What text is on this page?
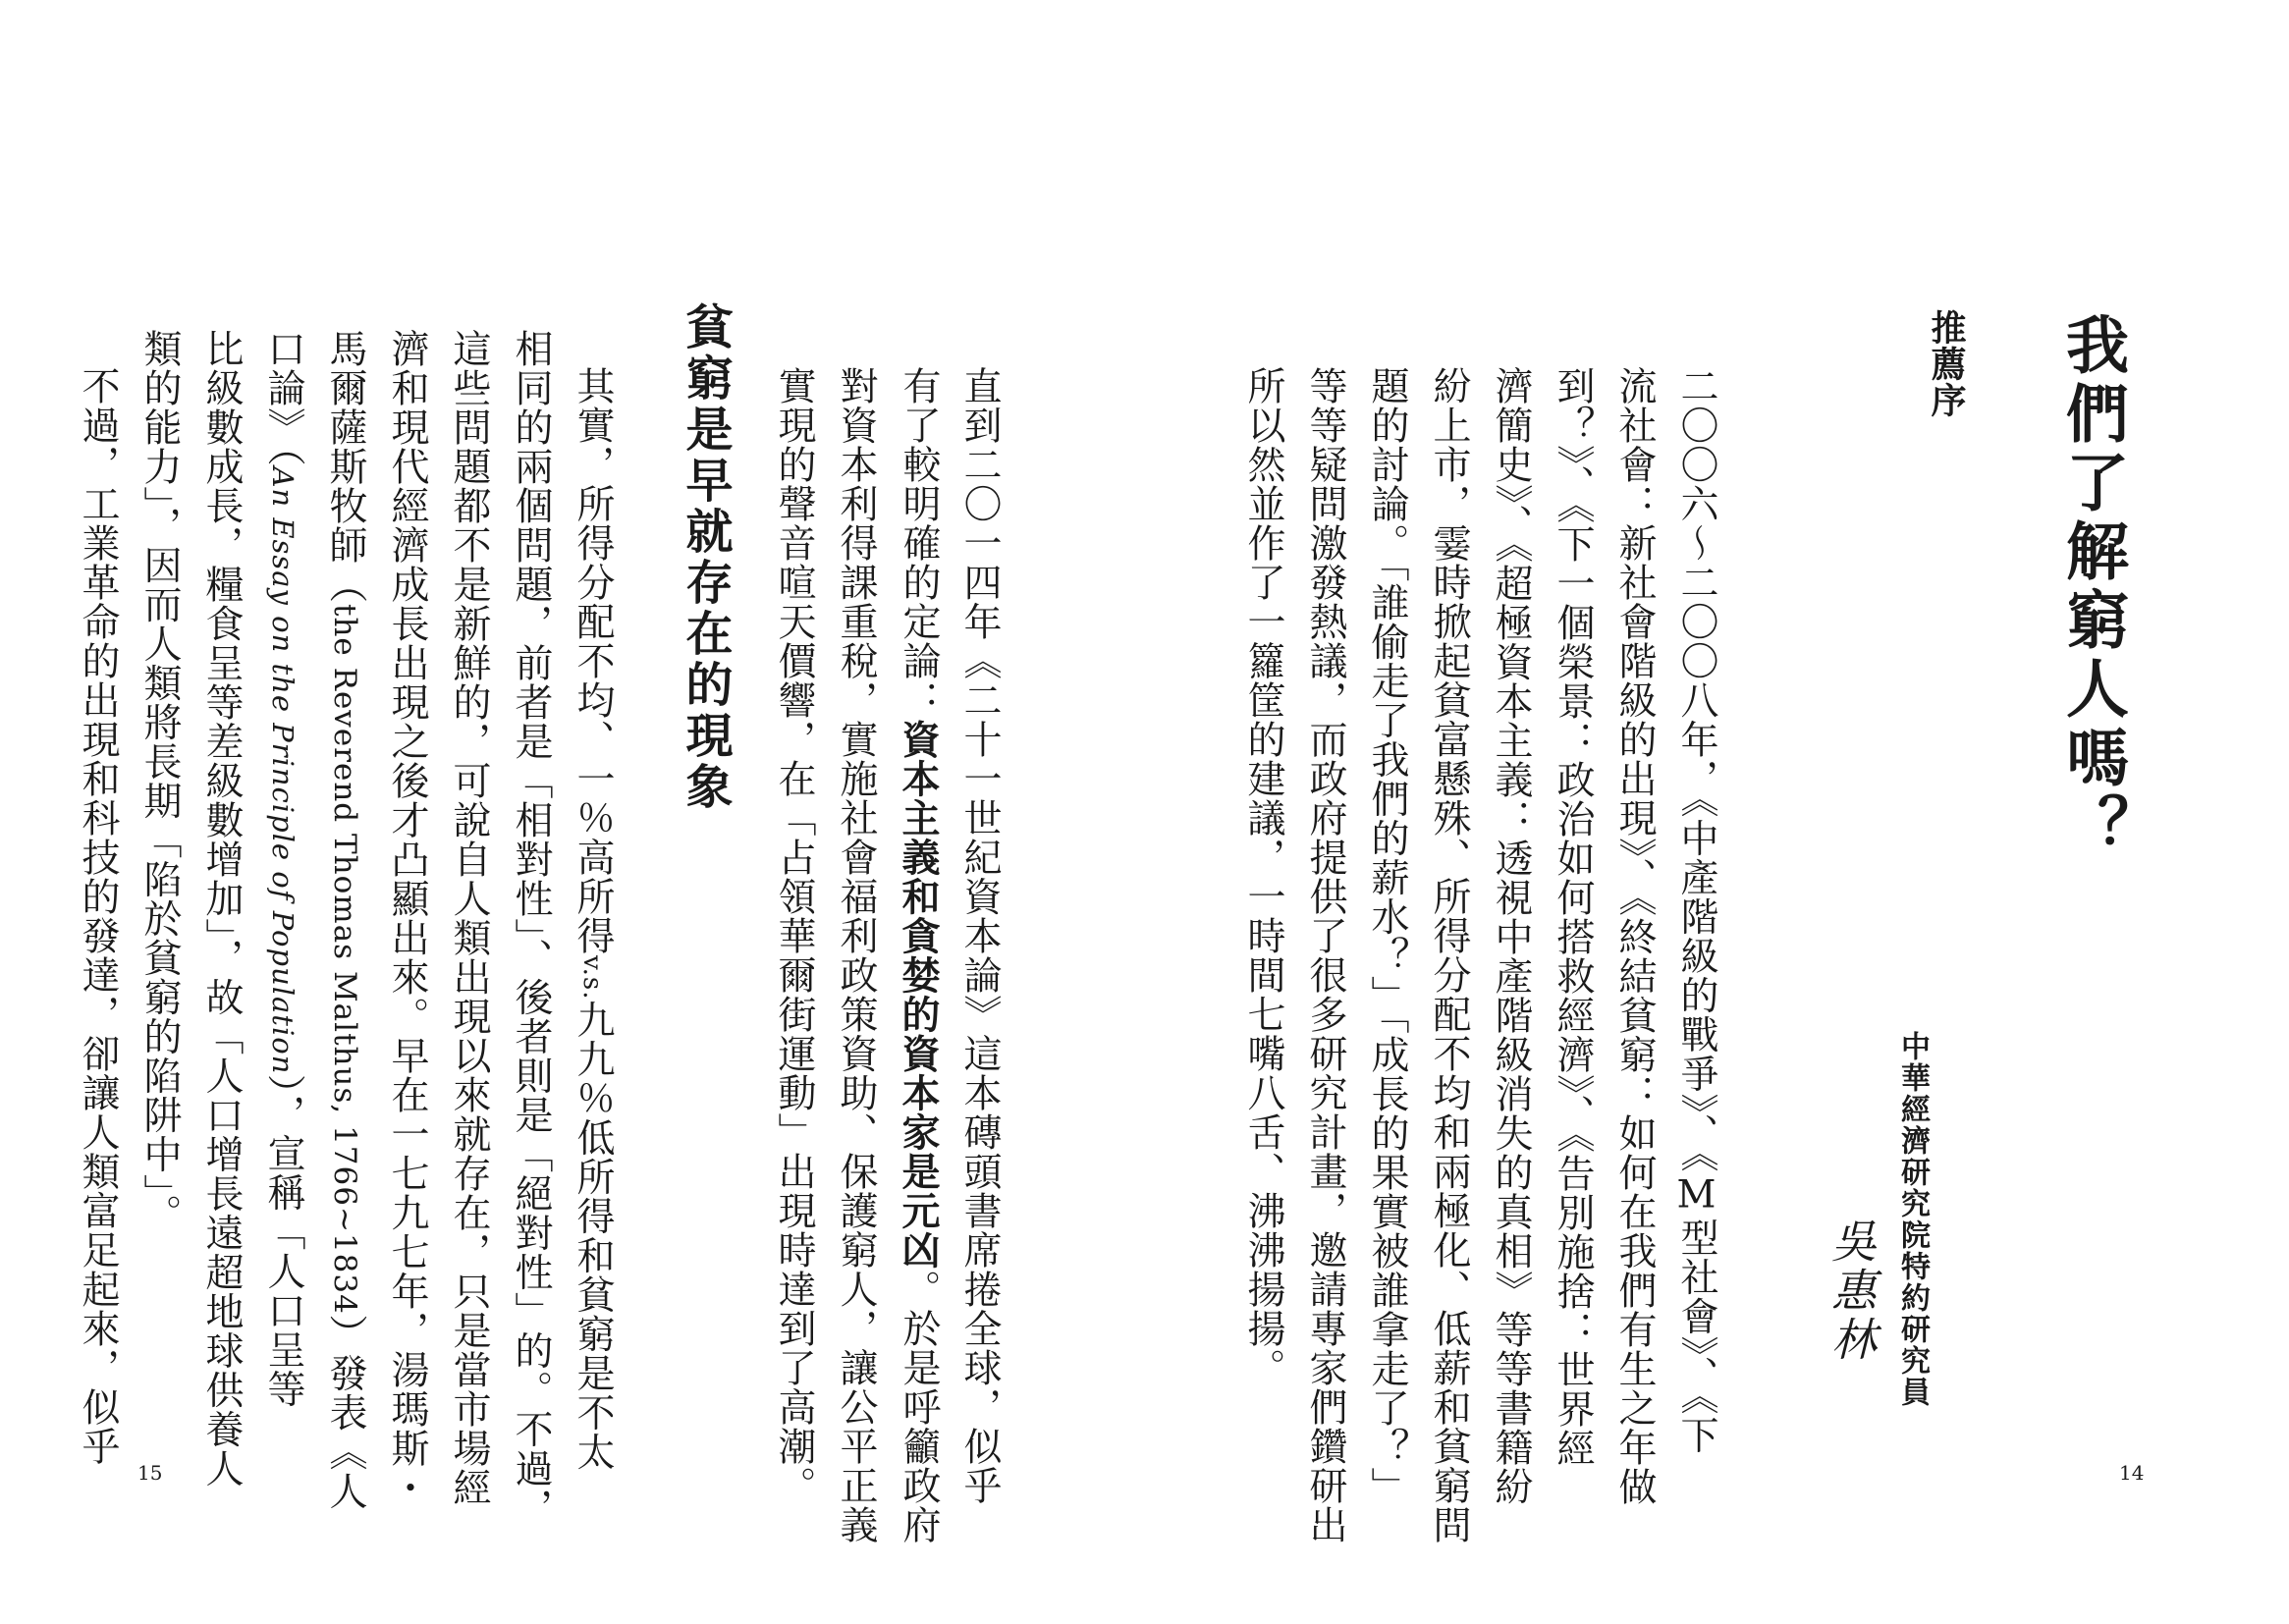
推薦序 我們了解窮人嗎？

中華經濟研究院特約研究員

吳惠林

二〇〇六～二〇〇八年，《中產階級的戰爭》、《M型社會》、《下

流社會：新社會階級的出現》、《終結貧窮：如何在我們有生之年做

到？》、《下一個榮景：政治如何搭救經濟》、《告別施捨：世界經

濟簡史》、《超極資本主義：透視中產階級消失的真相》等等書籍紛

紛上市，霎時掀起貧富懸殊、所得分配不均和兩極化、低薪和貧窮問

題的討論。「誰偷走了我們的薪水？」「成長的果實被誰拿走了？」

等等疑問激發熱議，而政府提供了很多研究計畫，邀請專家們鑽研出

所以然並作了一籮筐的建議，一時間七嘴八舌、沸沸揚揚。

14

直到二〇一四年《二十一世紀資本論》這本磚頭書席捲全球，似乎

有了較明確的定論：資本主義和貪婪的資本家是元凶。於是呼籲政府

對資本利得課重稅，實施社會福利政策資助、保護窮人，讓公平正義

實現的聲音喧天價響，在「占領華爾街運動」出現時達到了高潮。

貧窮是早就存在的現象

其實，所得分配不均、一％高所得v.s.九九％低所得和貧窮是不太

相同的兩個問題，前者是「相對性」、後者則是「絕對性」的。不過，

這些問題都不是新鮮的，可說自人類出現以來就存在，只是當市場經

濟和現代經濟成長出現之後才凸顯出來。早在一七九七年，湯瑪斯・

馬爾薩斯牧師（the Reverend Thomas Malthus, 1766~1834）發表《人

口論》（An Essay on the Principle of Population），宣稱「人口呈等

比級數成長，糧食呈等差級數增加」，故「人口增長遠超地球供養人

類的能力」，因而人類將長期「陷於貧窮的陷阱中」。

不過，工業革命的出現和科技的發達，卻讓人類富足起來，似乎

15
